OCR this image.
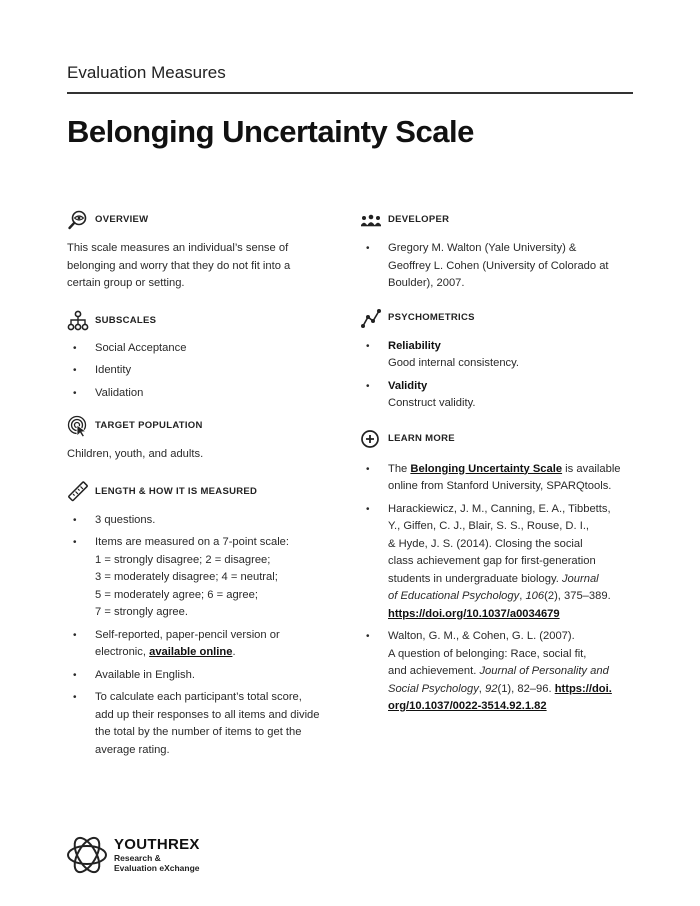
Evaluation Measures
Belonging Uncertainty Scale
OVERVIEW
This scale measures an individual’s sense of
belonging and worry that they do not fit into a
certain group or setting.
SUBSCALES
• Social Acceptance
• Identity
• Validation
TARGET POPULATION
Children, youth, and adults.
LENGTH & HOW IT IS MEASURED
• 3 questions.
• Items are measured on a 7-point scale:
1 = strongly disagree; 2 = disagree;
3 = moderately disagree; 4 = neutral;
5 = moderately agree; 6 = agree;
7 = strongly agree.
• Self-reported, paper-pencil version or
electronic, available online.
• Available in English.
• To calculate each participant’s total score,
add up their responses to all items and divide
the total by the number of items to get the
average rating.
DEVELOPER
• Gregory M. Walton (Yale University) &
Geoffrey L. Cohen (University of Colorado at
Boulder), 2007.
PSYCHOMETRICS
• Reliability
Good internal consistency.
• Validity
Construct validity.
LEARN MORE
• The Belonging Uncertainty Scale is available
online from Stanford University, SPARQtools.
• Harackiewicz, J. M., Canning, E. A., Tibbetts,
Y., Giffen, C. J., Blair, S. S., Rouse, D. I.,
& Hyde, J. S. (2014). Closing the social
class achievement gap for first-generation
students in undergraduate biology. Journal
of Educational Psychology, 106(2), 375–389.
https://doi.org/10.1037/a0034679
• Walton, G. M., & Cohen, G. L. (2007).
A question of belonging: Race, social fit,
and achievement. Journal of Personality and
Social Psychology, 92(1), 82–96. https://doi.
org/10.1037/0022-3514.92.1.82
YOUTHREX
Research &
Evaluation eXchange
